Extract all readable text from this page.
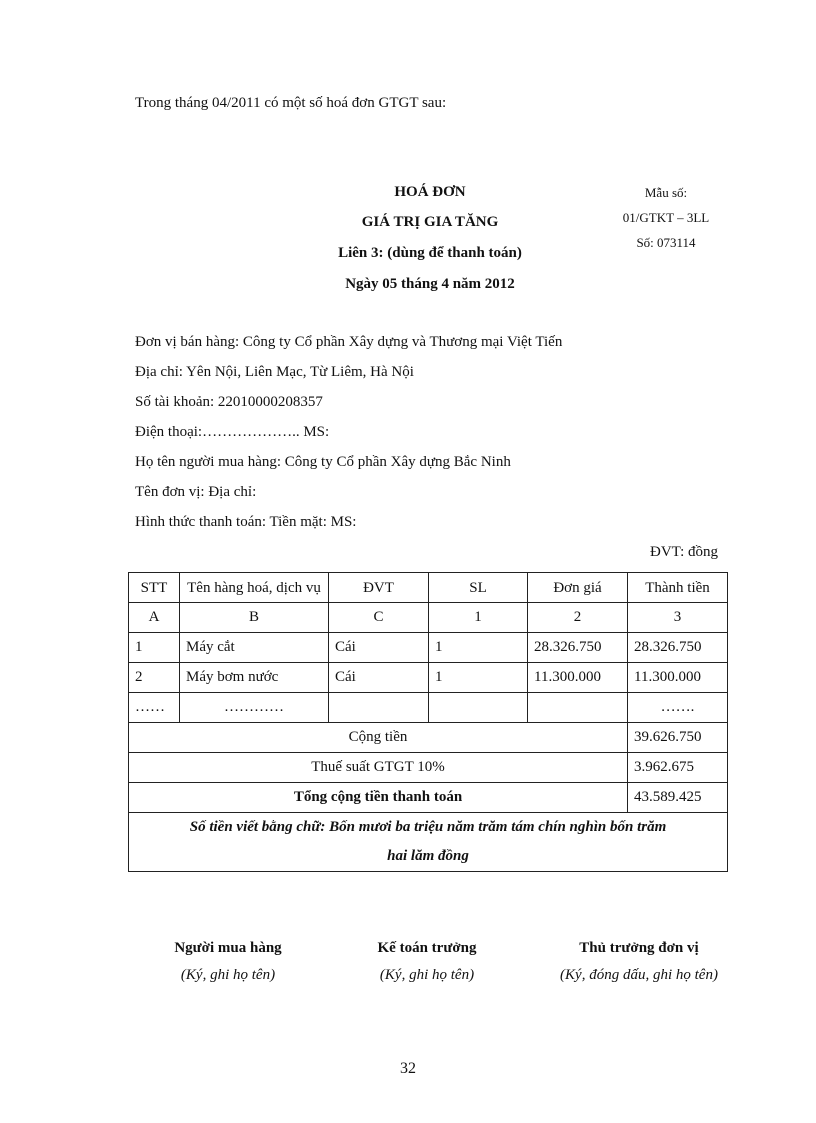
Trong tháng 04/2011 có một số hoá đơn GTGT sau:
HOÁ ĐƠN
GIÁ TRỊ GIA TĂNG
Liên 3: (dùng để thanh toán)
Ngày 05 tháng 4 năm 2012
Mẫu số:
01/GTKT – 3LL
Số: 073114
Đơn vị bán hàng: Công ty Cổ phần Xây dựng và Thương mại Việt Tiến
Địa chỉ: Yên Nội, Liên Mạc, Từ Liêm, Hà Nội
Số tài khoản: 22010000208357
Điện thoại:……………….. MS:
Họ tên người mua hàng: Công ty Cổ phần Xây dựng Bắc Ninh
Tên đơn vị: Địa chỉ:
Hình thức thanh toán: Tiền mặt: MS:
ĐVT: đồng
STT	Tên hàng hoá, dịch vụ	ĐVT	SL	Đơn giá	Thành tiền
A	B	C	1	2	3
1	Máy cắt	Cái	1	28.326.750	28.326.750
2	Máy bơm nước	Cái	1	11.300.000	11.300.000
……	…………				…….
Cộng tiền					39.626.750
Thuế suất GTGT 10%					3.962.675
Tổng cộng tiền thanh toán					43.589.425

Số tiền viết bằng chữ: Bốn mươi ba triệu năm trăm tám chín nghìn bốn trăm
hai lăm đồng					
Người mua hàng
(Ký, ghi họ tên)
Kế toán trưởng
(Ký, ghi họ tên)
Thủ trưởng đơn vị
(Ký, đóng dấu, ghi họ tên)
32
